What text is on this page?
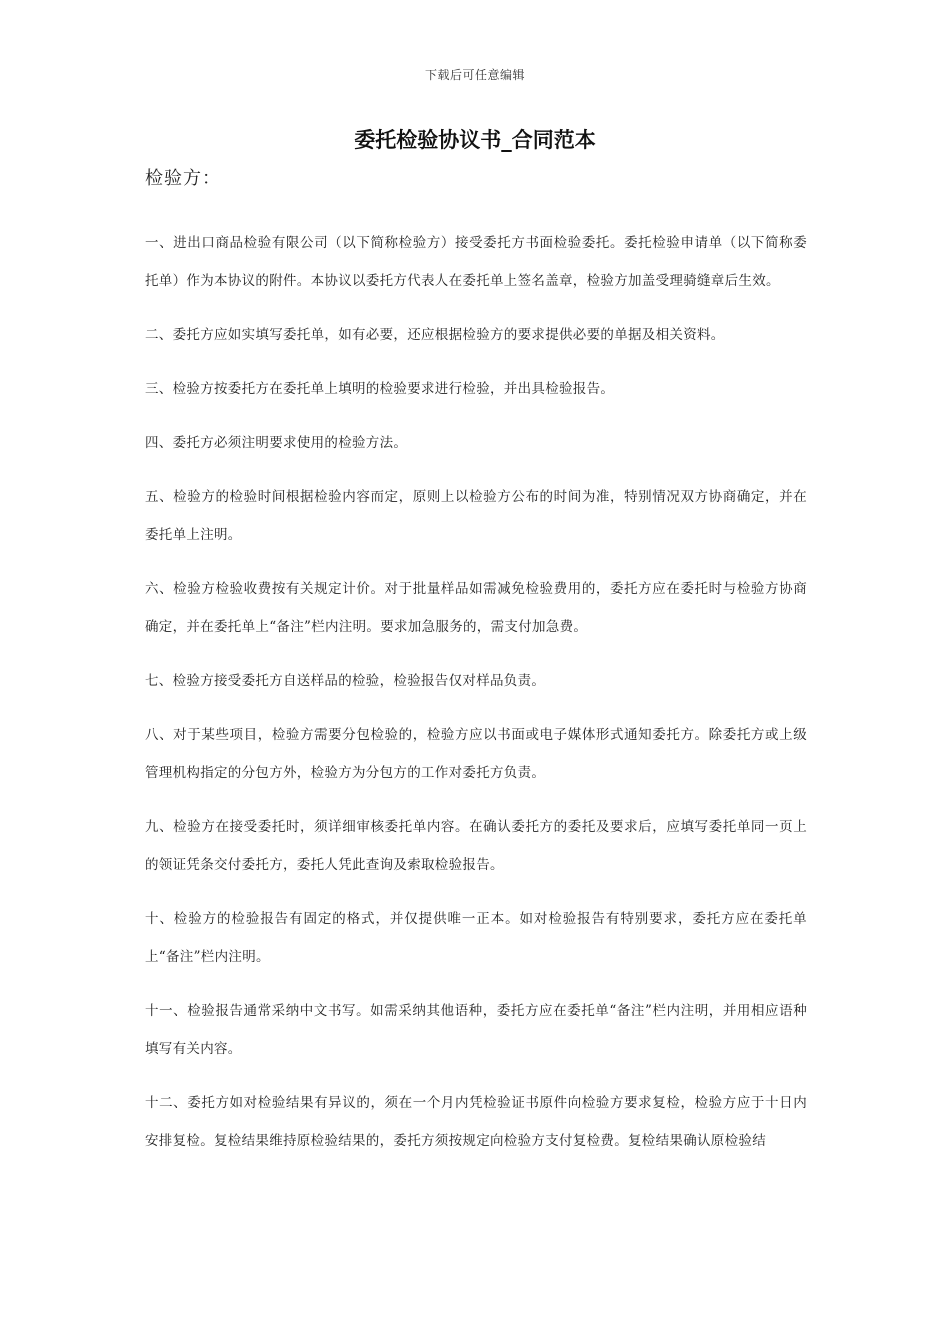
下载后可任意编辑
委托检验协议书_合同范本
检验方：

一、进出口商品检验有限公司（以下简称检验方）接受委托方书面检验委托。委托检验申请单（以下简称委托单）作为本协议的附件。本协议以委托方代表人在委托单上签名盖章，检验方加盖受理骑缝章后生效。

二、委托方应如实填写委托单，如有必要，还应根据检验方的要求提供必要的单据及相关资料。

三、检验方按委托方在委托单上填明的检验要求进行检验，并出具检验报告。

四、委托方必须注明要求使用的检验方法。

五、检验方的检验时间根据检验内容而定，原则上以检验方公布的时间为准，特别情况双方协商确定，并在委托单上注明。

六、检验方检验收费按有关规定计价。对于批量样品如需减免检验费用的，委托方应在委托时与检验方协商确定，并在委托单上“备注”栏内注明。要求加急服务的，需支付加急费。

七、检验方接受委托方自送样品的检验，检验报告仅对样品负责。

八、对于某些项目，检验方需要分包检验的，检验方应以书面或电子媒体形式通知委托方。除委托方或上级管理机构指定的分包方外，检验方为分包方的工作对委托方负责。

九、检验方在接受委托时，须详细审核委托单内容。在确认委托方的委托及要求后，应填写委托单同一页上的领证凭条交付委托方，委托人凭此查询及索取检验报告。

十、检验方的检验报告有固定的格式，并仅提供唯一正本。如对检验报告有特别要求，委托方应在委托单上“备注”栏内注明。

十一、检验报告通常采纳中文书写。如需采纳其他语种，委托方应在委托单“备注”栏内注明，并用相应语种填写有关内容。

十二、委托方如对检验结果有异议的，须在一个月内凭检验证书原件向检验方要求复检，检验方应于十日内安排复检。复检结果维持原检验结果的，委托方须按规定向检验方支付复检费。复检结果确认原检验结
